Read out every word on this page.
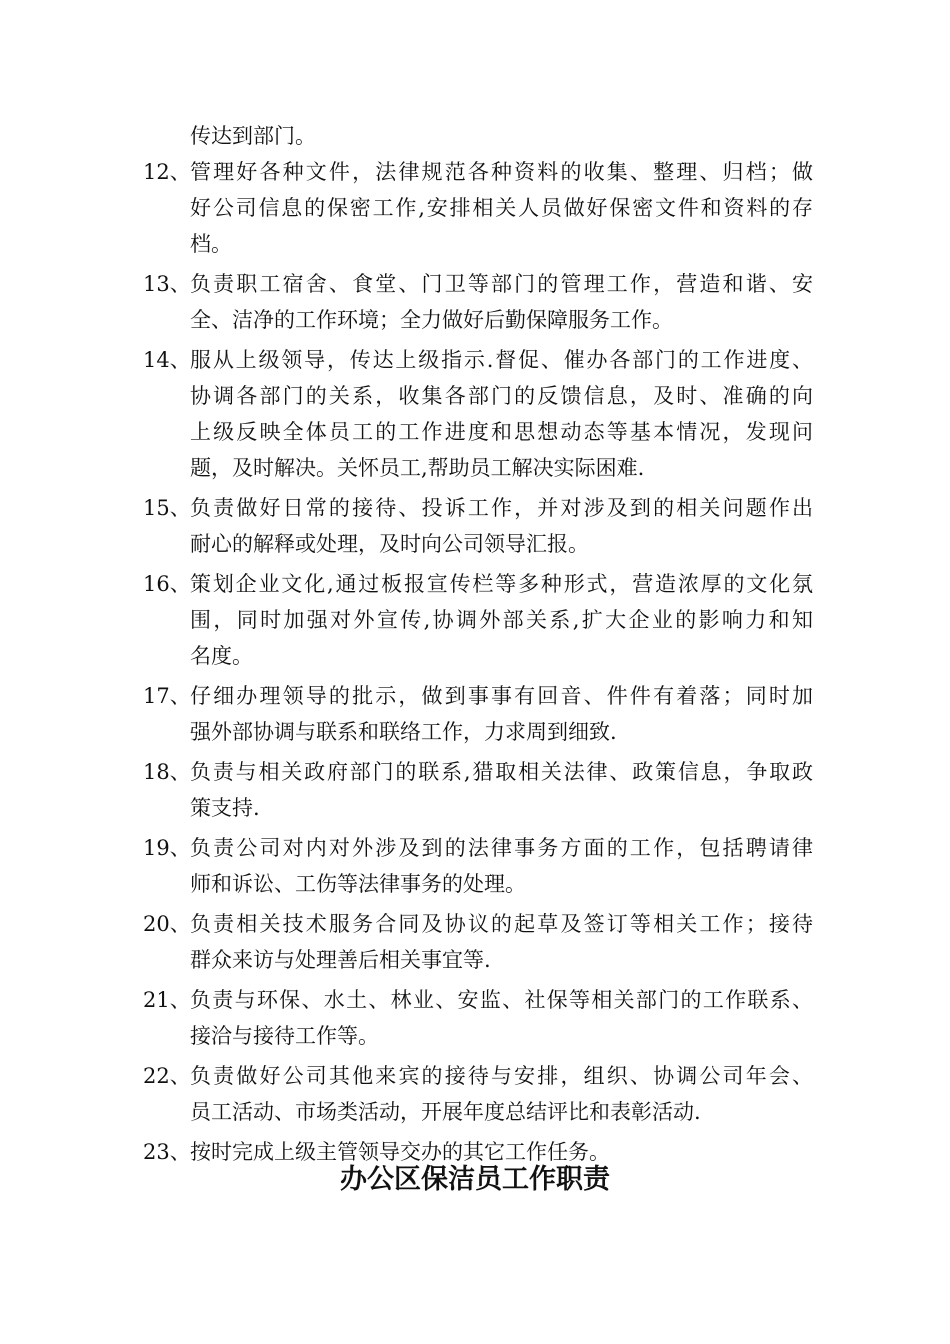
传达到部门。
12、 管理好各种文件，法律规范各种资料的收集、整理、归档；做
好公司信息的保密工作,安排相关人员做好保密文件和资料的存
档。
13、 负责职工宿舍、食堂、门卫等部门的管理工作，营造和谐、安
全、洁净的工作环境；全力做好后勤保障服务工作。
14、 服从上级领导，传达上级指示.督促、催办各部门的工作进度、
协调各部门的关系，收集各部门的反馈信息，及时、准确的向
上级反映全体员工的工作进度和思想动态等基本情况，发现问
题，及时解决。关怀员工,帮助员工解决实际困难.
15、 负责做好日常的接待、投诉工作，并对涉及到的相关问题作出
耐心的解释或处理，及时向公司领导汇报。
16、 策划企业文化,通过板报宣传栏等多种形式，营造浓厚的文化氛
围，同时加强对外宣传,协调外部关系,扩大企业的影响力和知
名度。
17、 仔细办理领导的批示，做到事事有回音、件件有着落；同时加
强外部协调与联系和联络工作，力求周到细致.
18、 负责与相关政府部门的联系,猎取相关法律、政策信息，争取政
策支持.
19、 负责公司对内对外涉及到的法律事务方面的工作，包括聘请律
师和诉讼、工伤等法律事务的处理。
20、 负责相关技术服务合同及协议的起草及签订等相关工作；接待
群众来访与处理善后相关事宜等.
21、 负责与环保、水土、林业、安监、社保等相关部门的工作联系、
接洽与接待工作等。
22、 负责做好公司其他来宾的接待与安排，组织、协调公司年会、
员工活动、市场类活动，开展年度总结评比和表彰活动.
23、 按时完成上级主管领导交办的其它工作任务。
办公区保洁员工作职责
